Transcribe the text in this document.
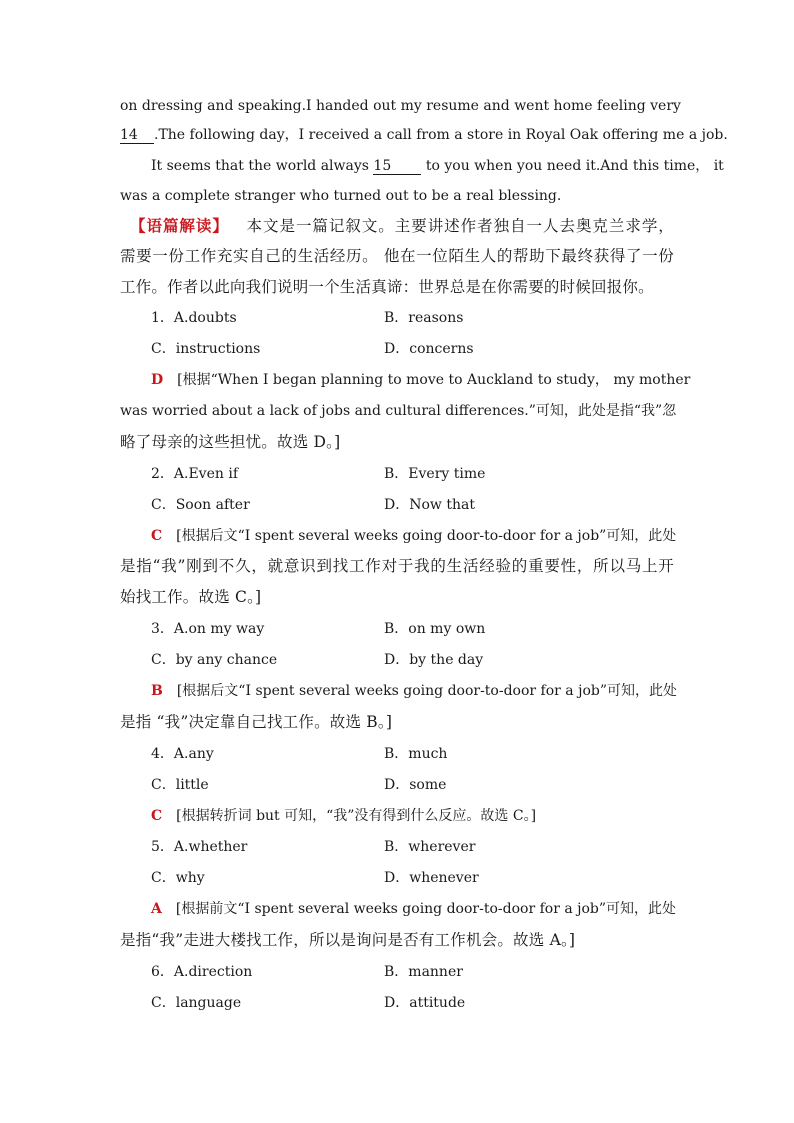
on dressing and speaking.I handed out my resume and went home feeling very
14 .The following day，I received a call from a store in Royal Oak offering me a job.
It seems that the world always 15 to you when you need it.And this time， it
was a complete stranger who turned out to be a real blessing.
【语篇解读】 本文是一篇记叙文。主要讲述作者独自一人去奥克兰求学，
需要一份工作充实自己的生活经历。 他在一位陌生人的帮助下最终获得了一份
工作。作者以此向我们说明一个生活真谛：世界总是在你需要的时候回报你。
1．A.doubts	B．reasons
C．instructions	D．concerns
D [根据“When I began planning to move to Auckland to study， my mother
was worried about a lack of jobs and cultural differences.”可知，此处是指“我”忽
略了母亲的这些担忧。故选 D。]
2．A.Even if	B．Every time
C．Soon after	D．Now that
C [根据后文“I spent several weeks going door-to-door for a job”可知，此处
是指“我”刚到不久，就意识到找工作对于我的生活经验的重要性，所以马上开
始找工作。故选 C。]
3．A.on my way	B．on my own
C．by any chance	D．by the day
B [根据后文“I spent several weeks going door-to-door for a job”可知，此处
是指 “我”决定靠自己找工作。故选 B。]
4．A.any	B．much
C．little	D．some
C [根据转折词 but 可知，“我”没有得到什么反应。故选 C。]
5．A.whether	B．wherever
C．why	D．whenever
A [根据前文“I spent several weeks going door-to-door for a job”可知，此处
是指“我”走进大楼找工作，所以是询问是否有工作机会。故选 A。]
6．A.direction	B．manner
C．language	D．attitude
